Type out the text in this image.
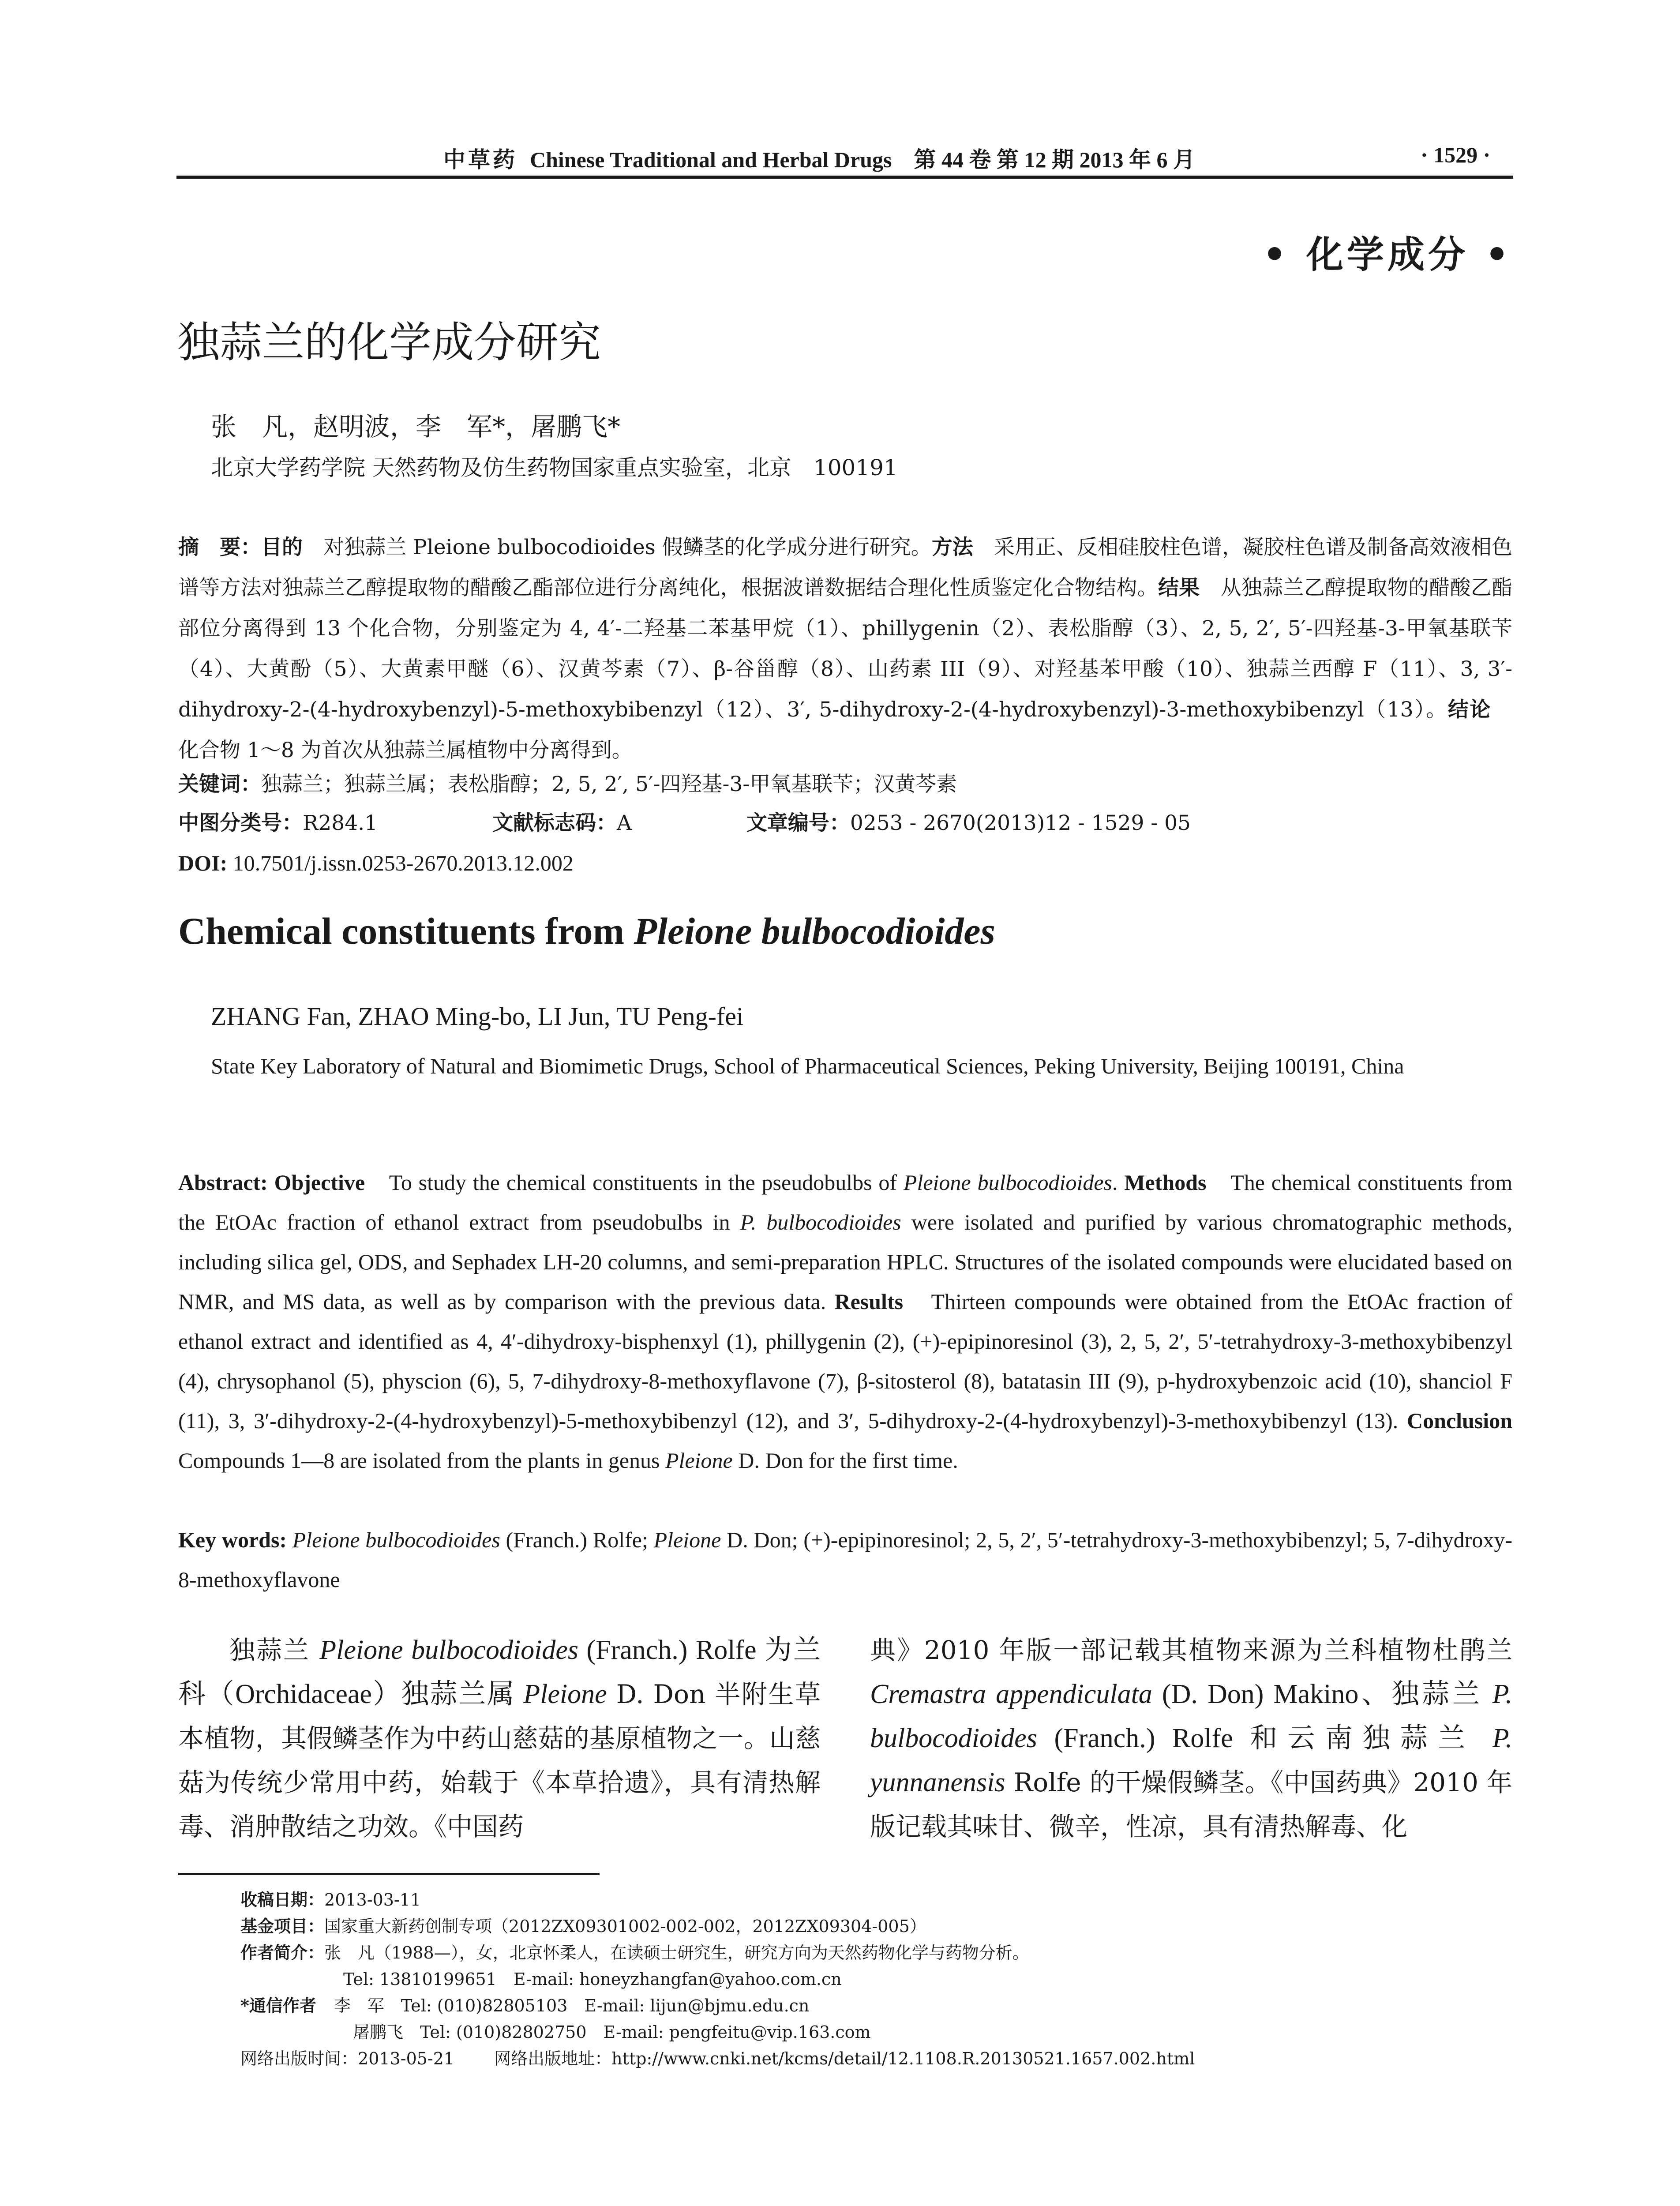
中草药 Chinese Traditional and Herbal Drugs　第 44 卷 第 12 期 2013 年 6 月	· 1529 ·
• 化学成分 •
独蒜兰的化学成分研究
张　凡，赵明波，李　军*，屠鹏飞*
北京大学药学院 天然药物及仿生药物国家重点实验室，北京　100191
摘　要：目的　对独蒜兰 Pleione bulbocodioides 假鳞茎的化学成分进行研究。方法　采用正、反相硅胶柱色谱，凝胶柱色谱及制备高效液相色谱等方法对独蒜兰乙醇提取物的醋酸乙酯部位进行分离纯化，根据波谱数据结合理化性质鉴定化合物结构。结果　从独蒜兰乙醇提取物的醋酸乙酯部位分离得到 13 个化合物，分别鉴定为 4, 4′-二羟基二苯基甲烷（1）、phillygenin（2）、表松脂醇（3）、2, 5, 2′, 5′-四羟基-3-甲氧基联苄（4）、大黄酚（5）、大黄素甲醚（6）、汉黄芩素（7）、β-谷甾醇（8）、山药素 III（9）、对羟基苯甲酸（10）、独蒜兰西醇 F（11）、3, 3′-dihydroxy-2-(4-hydroxybenzyl)-5-methoxybibenzyl（12）、3′, 5-dihydroxy-2-(4-hydroxybenzyl)-3-methoxybibenzyl（13）。结论　化合物 1～8 为首次从独蒜兰属植物中分离得到。
关键词：独蒜兰；独蒜兰属；表松脂醇；2, 5, 2′, 5′-四羟基-3-甲氧基联苄；汉黄芩素
中图分类号：R284.1	文献标志码：A	文章编号：0253 - 2670(2013)12 - 1529 - 05
DOI: 10.7501/j.issn.0253-2670.2013.12.002
Chemical constituents from Pleione bulbocodioides
ZHANG Fan, ZHAO Ming-bo, LI Jun, TU Peng-fei
State Key Laboratory of Natural and Biomimetic Drugs, School of Pharmaceutical Sciences, Peking University, Beijing 100191, China
Abstract: Objective　To study the chemical constituents in the pseudobulbs of Pleione bulbocodioides. Methods　The chemical constituents from the EtOAc fraction of ethanol extract from pseudobulbs in P. bulbocodioides were isolated and purified by various chromatographic methods, including silica gel, ODS, and Sephadex LH-20 columns, and semi-preparation HPLC. Structures of the isolated compounds were elucidated based on NMR, and MS data, as well as by comparison with the previous data. Results　Thirteen compounds were obtained from the EtOAc fraction of ethanol extract and identified as 4, 4′-dihydroxy-bisphenxyl (1), phillygenin (2), (+)-epipinoresinol (3), 2, 5, 2′, 5′-tetrahydroxy-3-methoxybibenzyl (4), chrysophanol (5), physcion (6), 5, 7-dihydroxy-8-methoxyflavone (7), β-sitosterol (8), batatasin III (9), p-hydroxybenzoic acid (10), shanciol F (11), 3, 3′-dihydroxy-2-(4-hydroxybenzyl)-5-methoxybibenzyl (12), and 3′, 5-dihydroxy-2-(4-hydroxybenzyl)-3-methoxybibenzyl (13). Conclusion Compounds 1—8 are isolated from the plants in genus Pleione D. Don for the first time.
Key words: Pleione bulbocodioides (Franch.) Rolfe; Pleione D. Don; (+)-epipinoresinol; 2, 5, 2′, 5′-tetrahydroxy-3-methoxybibenzyl; 5, 7-dihydroxy-8-methoxyflavone
独蒜兰 Pleione bulbocodioides (Franch.) Rolfe 为兰科（Orchidaceae）独蒜兰属 Pleione D. Don 半附生草本植物，其假鳞茎作为中药山慈菇的基原植物之一。山慈菇为传统少常用中药，始载于《本草拾遗》，具有清热解毒、消肿散结之功效。《中国药
典》2010 年版一部记载其植物来源为兰科植物杜鹃兰 Cremastra appendiculata (D. Don) Makino、独蒜兰 P. bulbocodioides (Franch.) Rolfe 和云南独蒜兰 P. yunnanensis Rolfe 的干燥假鳞茎。《中国药典》2010 年版记载其味甘、微辛，性凉，具有清热解毒、化
收稿日期：2013-03-11
基金项目：国家重大新药创制专项（2012ZX09301002-002-002，2012ZX09304-005）
作者简介：张　凡（1988—），女，北京怀柔人，在读硕士研究生，研究方向为天然药物化学与药物分析。
Tel: 13810199651　E-mail: honeyzhangfan@yahoo.com.cn
*通信作者 李　军　Tel: (010)82805103　E-mail: lijun@bjmu.edu.cn
屠鹏飞　Tel: (010)82802750　E-mail: pengfeitu@vip.163.com
网络出版时间：2013-05-21 网络出版地址：http://www.cnki.net/kcms/detail/12.1108.R.20130521.1657.002.html
